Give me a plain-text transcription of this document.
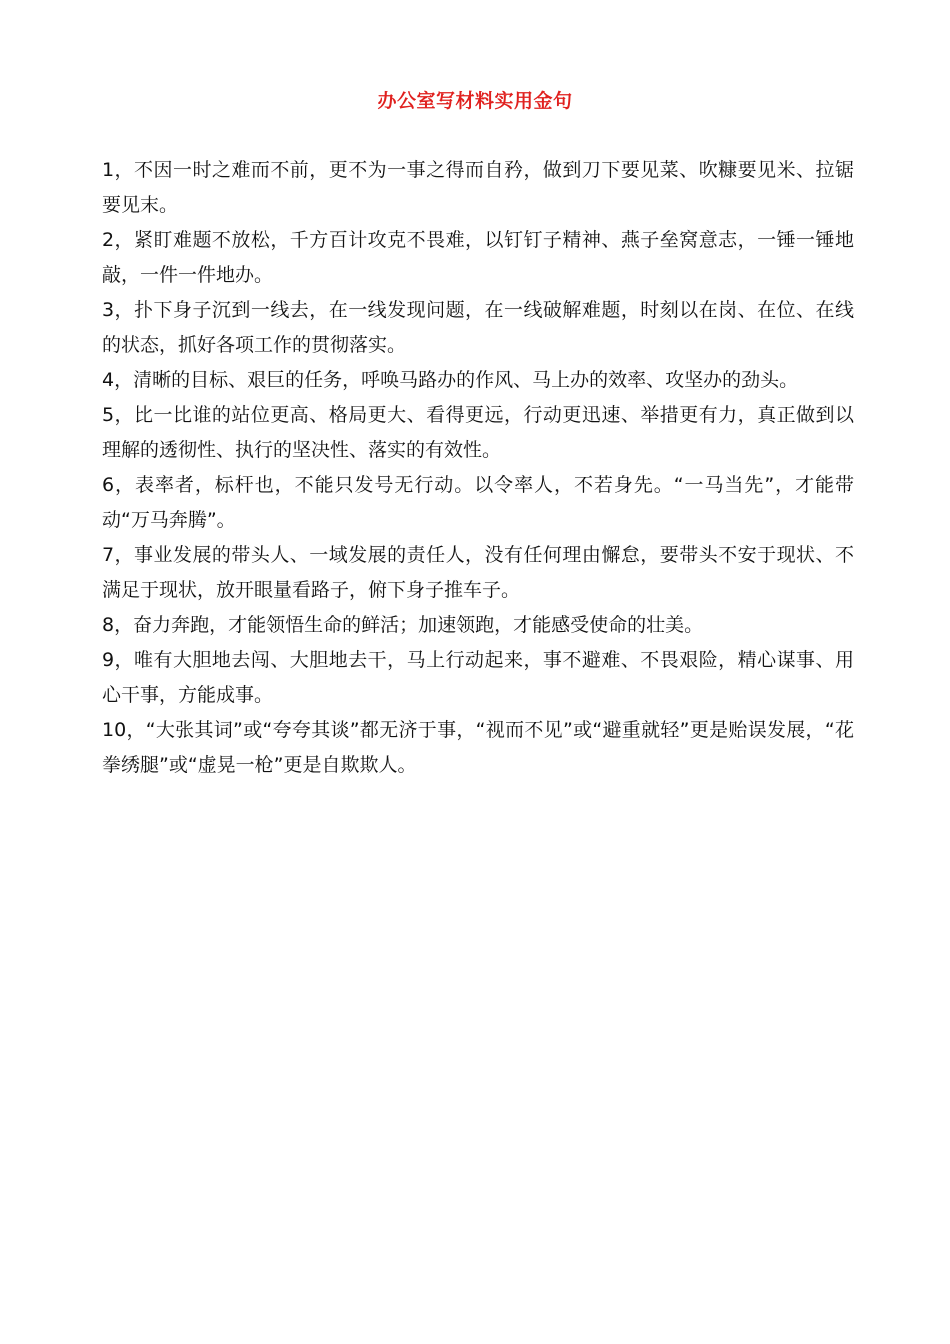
办公室写材料实用金句

1，不因一时之难而不前，更不为一事之得而自矜，做到刀下要见菜、吹糠要见米、拉锯要见末。

2，紧盯难题不放松，千方百计攻克不畏难，以钉钉子精神、燕子垒窝意志，一锤一锤地敲，一件一件地办。

3，扑下身子沉到一线去，在一线发现问题，在一线破解难题，时刻以在岗、在位、在线的状态，抓好各项工作的贯彻落实。

4，清晰的目标、艰巨的任务，呼唤马路办的作风、马上办的效率、攻坚办的劲头。

5，比一比谁的站位更高、格局更大、看得更远，行动更迅速、举措更有力，真正做到以理解的透彻性、执行的坚决性、落实的有效性。

6，表率者，标杆也，不能只发号无行动。以令率人，不若身先。“一马当先”，才能带动“万马奔腾”。

7，事业发展的带头人、一域发展的责任人，没有任何理由懈怠，要带头不安于现状、不满足于现状，放开眼量看路子，俯下身子推车子。

8，奋力奔跑，才能领悟生命的鲜活；加速领跑，才能感受使命的壮美。

9，唯有大胆地去闯、大胆地去干，马上行动起来，事不避难、不畏艰险，精心谋事、用心干事，方能成事。

10，“大张其词”或“夸夸其谈”都无济于事，“视而不见”或“避重就轻”更是贻误发展，“花拳绣腿”或“虚晃一枪”更是自欺欺人。
